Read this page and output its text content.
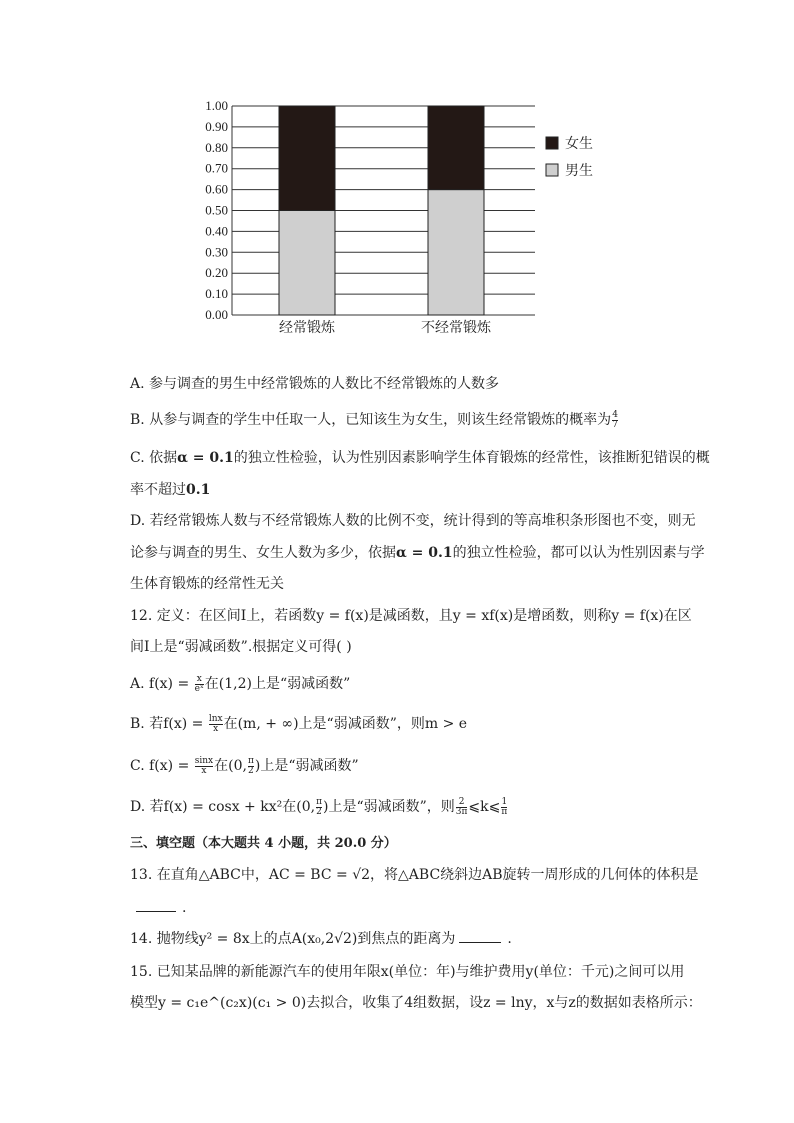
0.00
0.10
0.20
0.30
0.40
0.50
0.60
0.70
0.80
0.90
1.00
经常锻炼	不经常锻炼
女生
男生
A. 参与调查的男生中经常锻炼的人数比不经常锻炼的人数多
B. 从参与调查的学生中任取一人，已知该生为女生，则该生经常锻炼的概率为 $\frac{4}{7}$
C. 依据α = 0.1的独立性检验，认为性别因素影响学生体育锻炼的经常性，该推断犯错误的概
率不超过0.1
D. 若经常锻炼人数与不经常锻炼人数的比例不变，统计得到的等高堆积条形图也不变，则无
论参与调查的男生、女生人数为多少，依据α = 0.1的独立性检验，都可以认为性别因素与学
生体育锻炼的经常性无关
12. 定义：在区间I上，若函数y = f(x)是减函数，且y = xf(x)是增函数，则称y = f(x)在区
间I上是“弱减函数”.根据定义可得( )
A. $f(x) = \frac{x}{\text{eˣ}}$ 在(1,2)上是“弱减函数”
B. 若$f(x) = \frac{\ln x}{x}$ 在(m, + ∞)上是“弱减函数”，则m > e
C. $f(x) = \frac{\sin x}{x}$ 在(0, $\frac{\pi}{2}$ )上是“弱减函数”
D. 若f(x) = cosx + kx²在(0, $\frac{\pi}{2}$ )上是“弱减函数”，则 $\frac{2}{3\pi}$ ⩽k⩽ $\frac{1}{\pi}$
三、填空题（本大题共 4 小题，共 20.0 分）
13. 在直角△ABC中，AC = BC = √2，将△ABC绕斜边AB旋转一周形成的几何体的体积是
.
14. 抛物线y² = 8x上的点A(x₀,2√2)到焦点的距离为	.
15. 已知某品牌的新能源汽车的使用年限x(单位：年)与维护费用y(单位：千元)之间可以用
模型y = c₁e^(c₂x)(c₁ > 0)去拟合，收集了4组数据，设z = lny，x与z的数据如表格所示：
